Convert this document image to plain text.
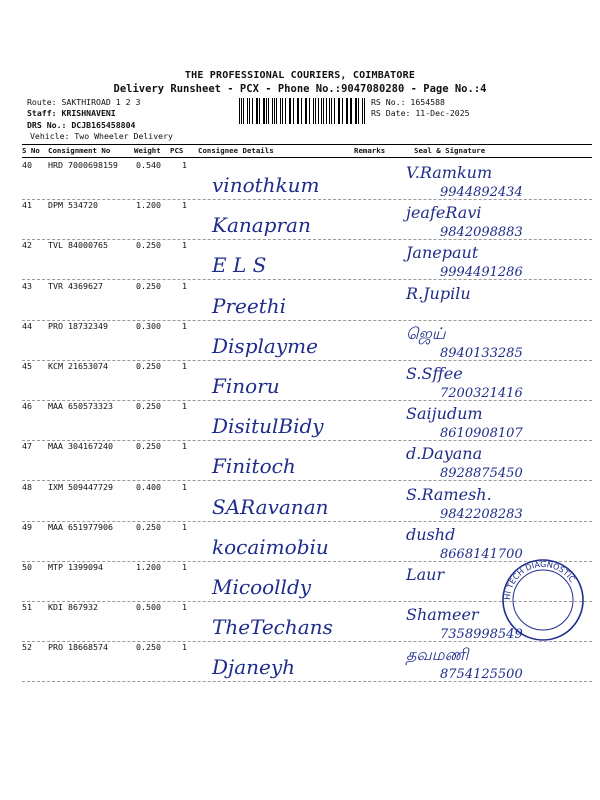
THE PROFESSIONAL COURIERS, COIMBATORE
Delivery Runsheet - PCX - Phone No.:9047080280 - Page No.:4
Route: SAKTHIROAD 1 2 3
Staff: KRISHNAVENI
DRS No.: DCJB165458804
Vehicle: Two Wheeler Delivery
RS No.: 1654588
RS Date: 11-Dec-2025
S No Consignment No	Weight PCS Consignee Details	Remarks	Seal & Signature
40 HRD 7000698159 0.540	1
vinothkum
V.Ramkum
9944892434
41 DPM 534720	1.200	1
Kanapran
jeafeRavi
9842098883
42 TVL 84000765	0.250	1
E L S
Janepaut
9994491286
43 TVR 4369627	0.250	1
Preethi
R.Jupilu
44 PRO 18732349	0.300	1
Displayme
ஜெய்
8940133285
45 KCM 21653074	0.250	1
Finoru
S.Sffee
7200321416
46 MAA 650573323	0.250	1
DisitulBidy
Saijudum
8610908107
47 MAA 304167240	0.250	1
Finitoch
d.Dayana
8928875450
48 IXM 509447729	0.400	1
SARavanan
S.Ramesh.
9842208283
49 MAA 651977906	0.250	1
kocaimobiu
dushd
8668141700
50 MTP 1399094	1.200	1
Micoolldy
Laur
51 KDI 867932	0.500	1
TheTechans
Shameer
7358998549
52 PRO 18668574	0.250	1
Djaneyh
தவமணி
8754125500
HI TECH DIAGNOSTIC
